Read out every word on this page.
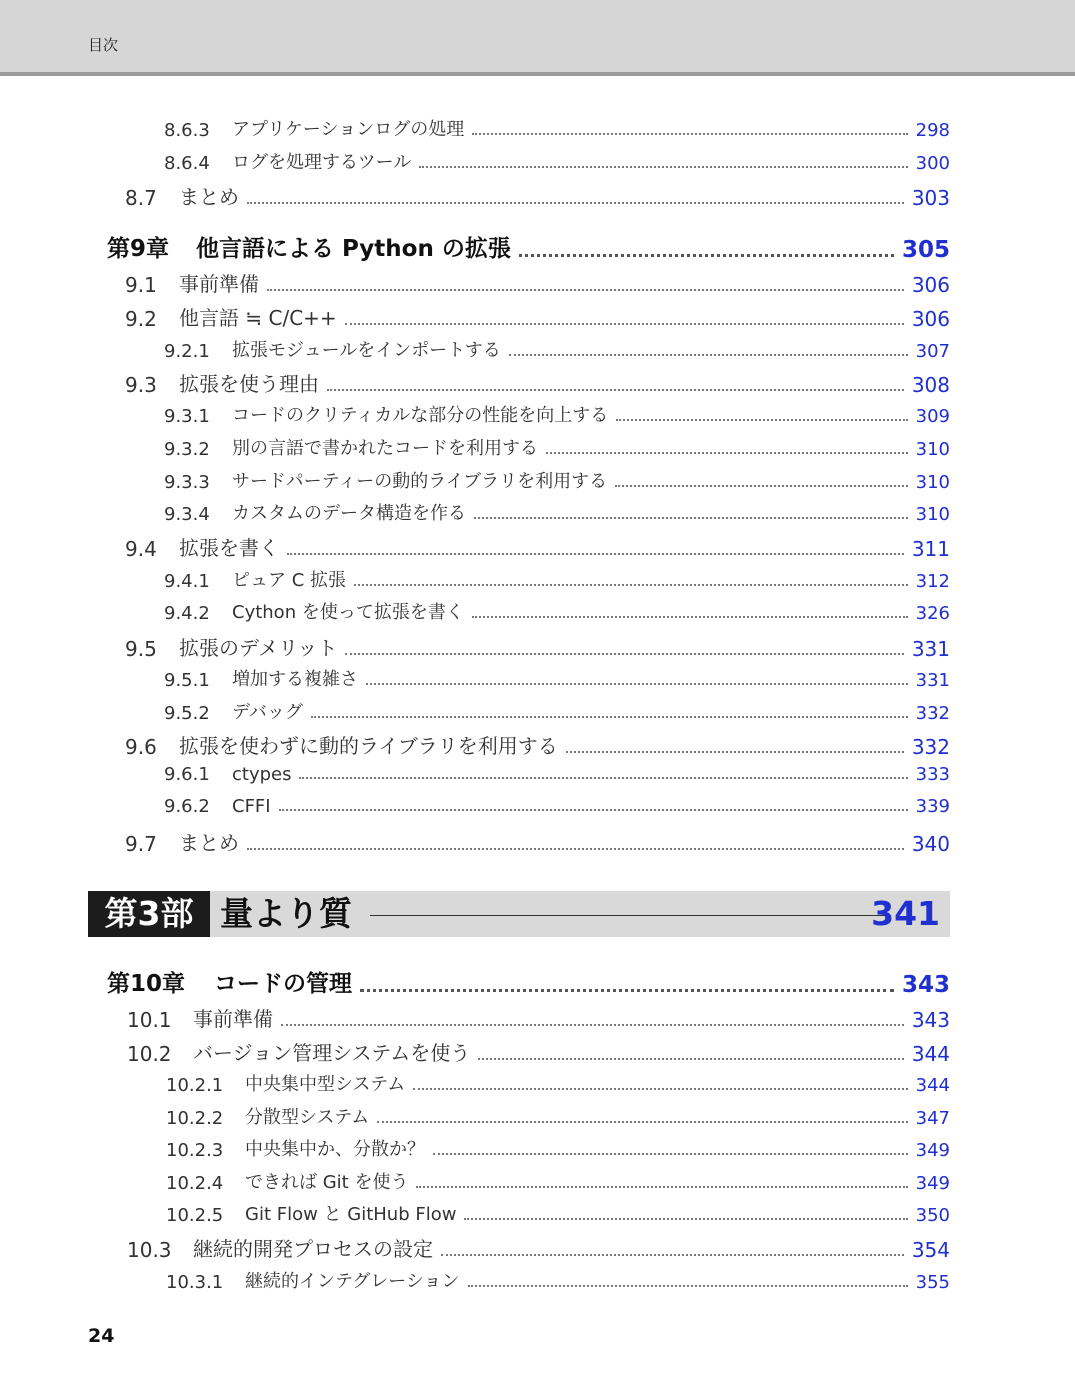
目次
8.6.3	アプリケーションログの処理	298
8.6.4	ログを処理するツール	300
8.7	まとめ	303
第9章	他言語による Python の拡張	305
9.1	事前準備	306
9.2	他言語 ≒ C/C++	306
9.2.1	拡張モジュールをインポートする	307
9.3	拡張を使う理由	308
9.3.1	コードのクリティカルな部分の性能を向上する	309
9.3.2	別の言語で書かれたコードを利用する	310
9.3.3	サードパーティーの動的ライブラリを利用する	310
9.3.4	カスタムのデータ構造を作る	310
9.4	拡張を書く	311
9.4.1	ピュア C 拡張	312
9.4.2	Cython を使って拡張を書く	326
9.5	拡張のデメリット	331
9.5.1	増加する複雑さ	331
9.5.2	デバッグ	332
9.6	拡張を使わずに動的ライブラリを利用する	332
9.6.1	ctypes	333
9.6.2	CFFI	339
9.7	まとめ	340
第3部 量より質	341
第10章	コードの管理	343
10.1	事前準備	343
10.2	バージョン管理システムを使う	344
10.2.1	中央集中型システム	344
10.2.2	分散型システム	347
10.2.3	中央集中か、分散か？	349
10.2.4	できれば Git を使う	349
10.2.5	Git Flow と GitHub Flow	350
10.3	継続的開発プロセスの設定	354
10.3.1	継続的インテグレーション	355
24
